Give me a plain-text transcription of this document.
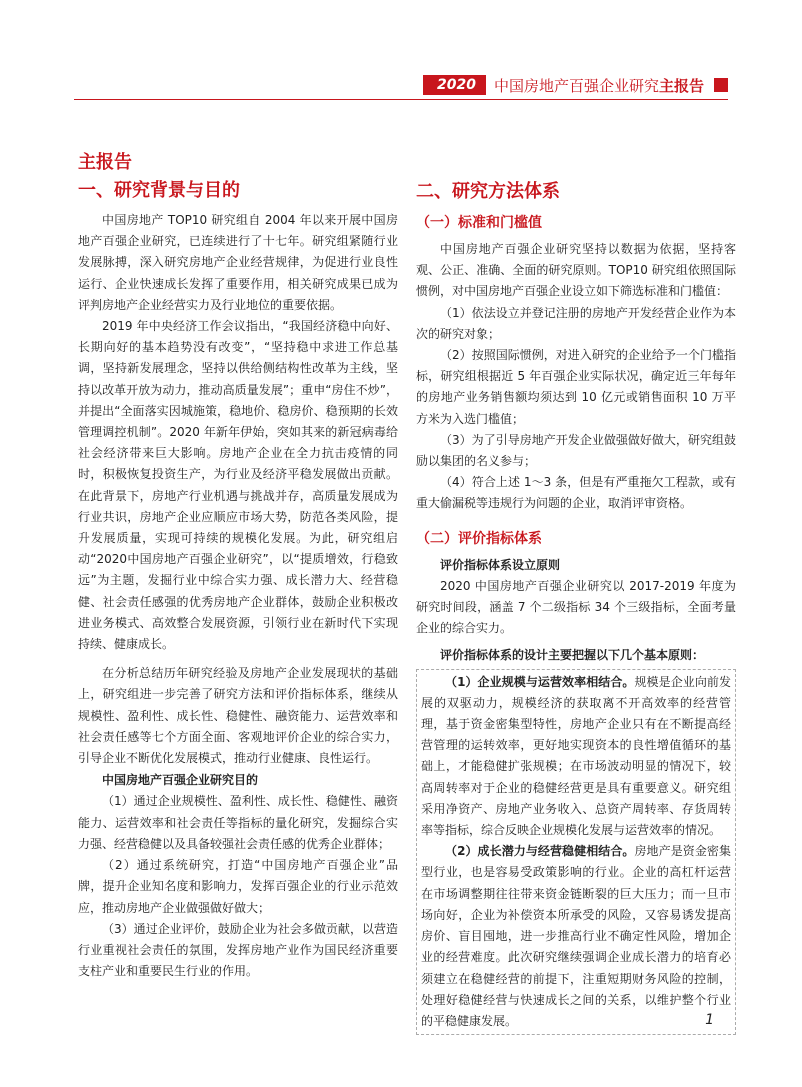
2020	中国房地产百强企业研究主报告
主报告
一、研究背景与目的

中国房地产 TOP10 研究组自 2004 年以来开展中国房地产百强企业研究，已连续进行了十七年。研究组紧随行业发展脉搏，深入研究房地产企业经营规律，为促进行业良性运行、企业快速成长发挥了重要作用，相关研究成果已成为评判房地产企业经营实力及行业地位的重要依据。

2019 年中央经济工作会议指出，“我国经济稳中向好、长期向好的基本趋势没有改变”，“坚持稳中求进工作总基调，坚持新发展理念，坚持以供给侧结构性改革为主线，坚持以改革开放为动力，推动高质量发展”；重申“房住不炒”，并提出“全面落实因城施策，稳地价、稳房价、稳预期的长效管理调控机制”。2020 年新年伊始，突如其来的新冠病毒给社会经济带来巨大影响。房地产企业在全力抗击疫情的同时，积极恢复投资生产，为行业及经济平稳发展做出贡献。在此背景下，房地产行业机遇与挑战并存，高质量发展成为行业共识，房地产企业应顺应市场大势，防范各类风险，提升发展质量，实现可持续的规模化发展。为此，研究组启动“2020中国房地产百强企业研究”，以“提质增效，行稳致远”为主题，发掘行业中综合实力强、成长潜力大、经营稳健、社会责任感强的优秀房地产企业群体，鼓励企业积极改进业务模式、高效整合发展资源，引领行业在新时代下实现持续、健康成长。

在分析总结历年研究经验及房地产企业发展现状的基础上，研究组进一步完善了研究方法和评价指标体系，继续从规模性、盈利性、成长性、稳健性、融资能力、运营效率和社会责任感等七个方面全面、客观地评价企业的综合实力，引导企业不断优化发展模式，推动行业健康、良性运行。

中国房地产百强企业研究目的

（1）通过企业规模性、盈利性、成长性、稳健性、融资能力、运营效率和社会责任等指标的量化研究，发掘综合实力强、经营稳健以及具备较强社会责任感的优秀企业群体；

（2）通过系统研究，打造“中国房地产百强企业”品牌，提升企业知名度和影响力，发挥百强企业的行业示范效应，推动房地产企业做强做好做大；

（3）通过企业评价，鼓励企业为社会多做贡献，以营造行业重视社会责任的氛围，发挥房地产业作为国民经济重要支柱产业和重要民生行业的作用。

二、研究方法体系
（一）标准和门槛值

中国房地产百强企业研究坚持以数据为依据，坚持客观、公正、准确、全面的研究原则。TOP10 研究组依照国际惯例，对中国房地产百强企业设立如下筛选标准和门槛值：

（1）依法设立并登记注册的房地产开发经营企业作为本次的研究对象；

（2）按照国际惯例，对进入研究的企业给予一个门槛指标，研究组根据近 5 年百强企业实际状况，确定近三年每年的房地产业务销售额均须达到 10 亿元或销售面积 10 万平方米为入选门槛值；

（3）为了引导房地产开发企业做强做好做大，研究组鼓励以集团的名义参与；

（4）符合上述 1～3 条，但是有严重拖欠工程款，或有重大偷漏税等违规行为问题的企业，取消评审资格。

（二）评价指标体系

评价指标体系设立原则

2020 中国房地产百强企业研究以 2017-2019 年度为研究时间段，涵盖 7 个二级指标 34 个三级指标，全面考量企业的综合实力。

评价指标体系的设计主要把握以下几个基本原则：

（1）企业规模与运营效率相结合。规模是企业向前发展的双驱动力，规模经济的获取离不开高效率的经营管理，基于资金密集型特性，房地产企业只有在不断提高经营管理的运转效率，更好地实现资本的良性增值循环的基础上，才能稳健扩张规模；在市场波动明显的情况下，较高周转率对于企业的稳健经营更是具有重要意义。研究组采用净资产、房地产业务收入、总资产周转率、存货周转率等指标，综合反映企业规模化发展与运营效率的情况。

（2）成长潜力与经营稳健相结合。房地产是资金密集型行业，也是容易受政策影响的行业。企业的高杠杆运营在市场调整期往往带来资金链断裂的巨大压力；而一旦市场向好，企业为补偿资本所承受的风险，又容易诱发提高房价、盲目囤地，进一步推高行业不确定性风险，增加企业的经营难度。此次研究继续强调企业成长潜力的培育必须建立在稳健经营的前提下，注重短期财务风险的控制，处理好稳健经营与快速成长之间的关系，以维护整个行业的平稳健康发展。	1
